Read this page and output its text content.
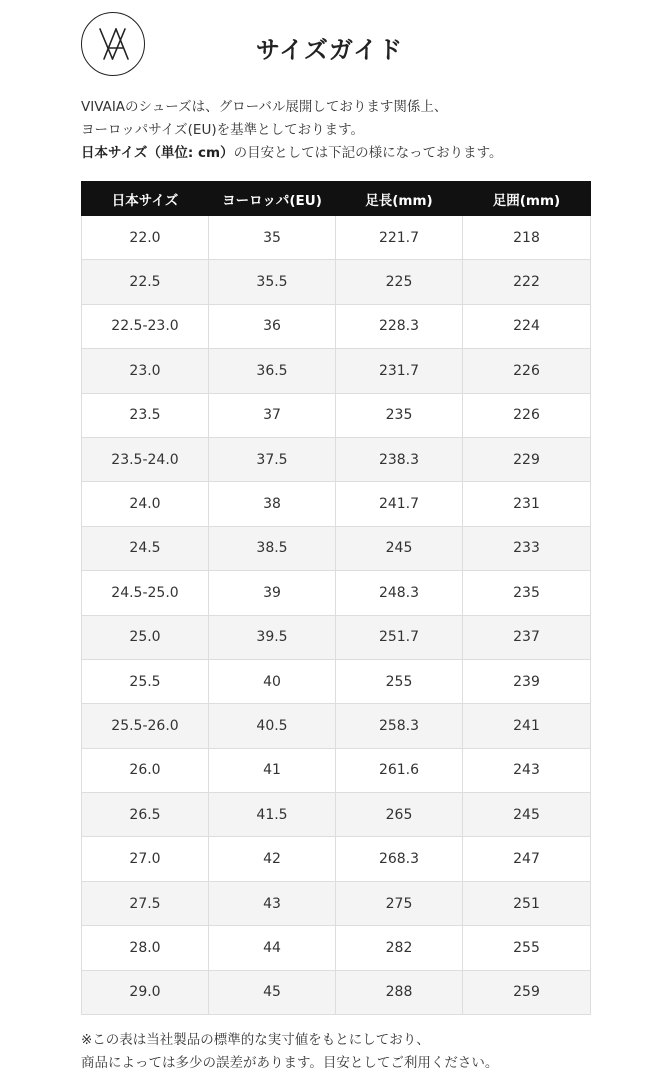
サイズガイド

VIVAIAのシューズは、グローバル展開しております関係上、

ヨーロッパサイズ(EU)を基準としております。

日本サイズ（単位: cm）の目安としては下記の様になっております。

日本サイズ	ヨーロッパ(EU)	足長(mm)	足囲(mm)
22.0	35	221.7	218
22.5	35.5	225	222
22.5-23.0	36	228.3	224
23.0	36.5	231.7	226
23.5	37	235	226
23.5-24.0	37.5	238.3	229
24.0	38	241.7	231
24.5	38.5	245	233
24.5-25.0	39	248.3	235
25.0	39.5	251.7	237
25.5	40	255	239
25.5-26.0	40.5	258.3	241
26.0	41	261.6	243
26.5	41.5	265	245
27.0	42	268.3	247
27.5	43	275	251
28.0	44	282	255
29.0	45	288	259

※この表は当社製品の標準的な実寸値をもとにしており、

商品によっては多少の誤差があります。目安としてご利用ください。
